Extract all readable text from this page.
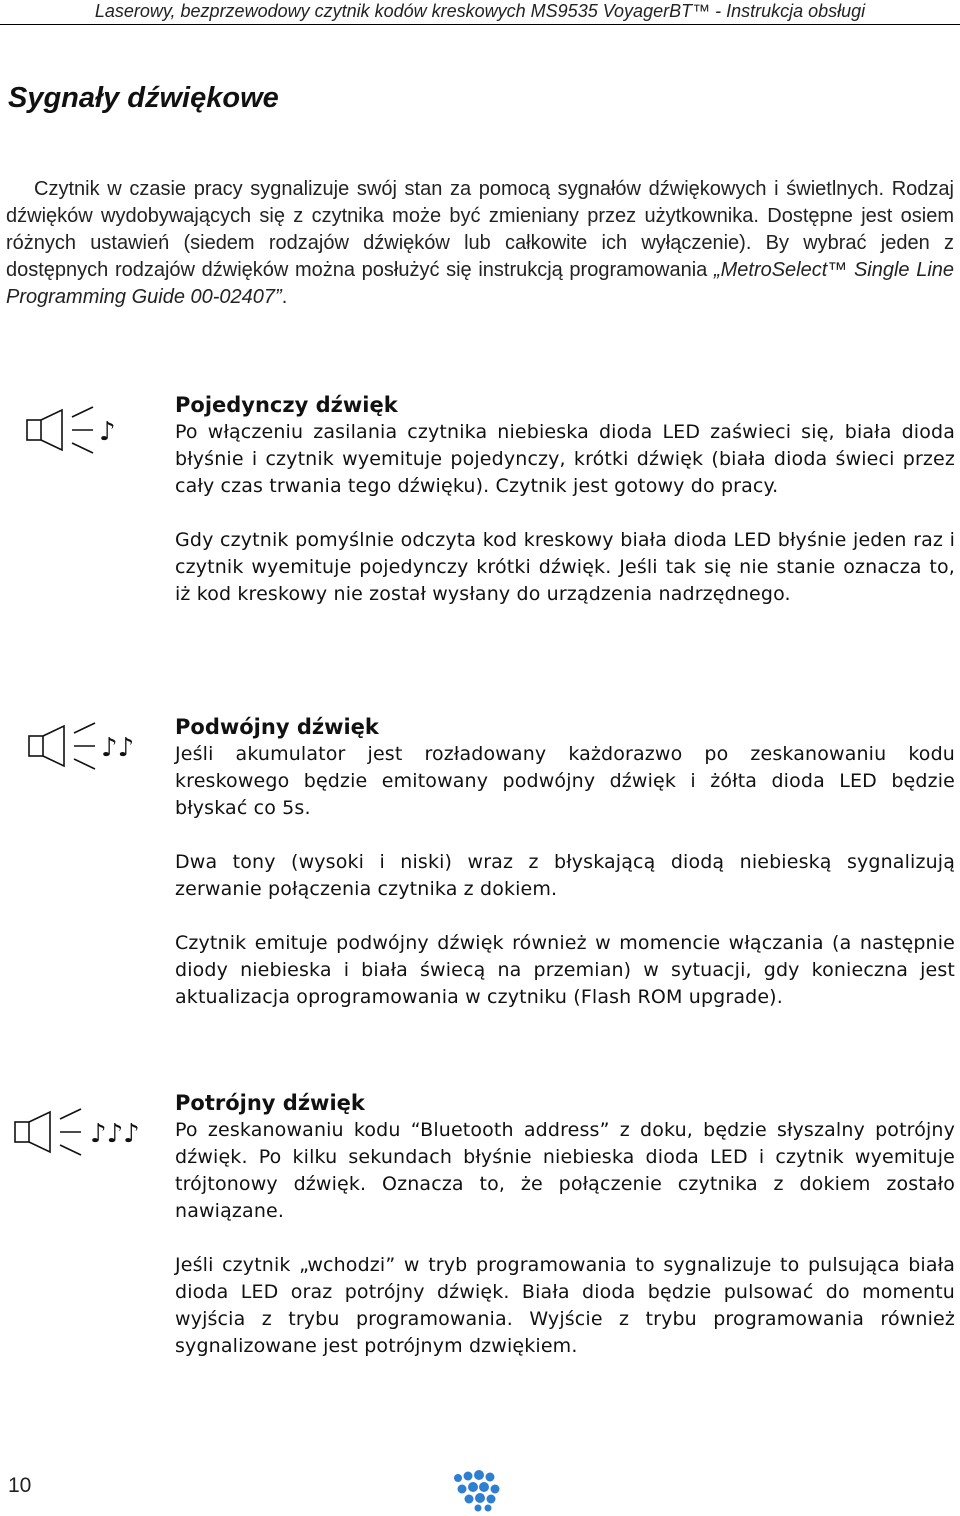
Laserowy, bezprzewodowy czytnik kodów kreskowych MS9535 VoyagerBT™ - Instrukcja obsługi
Sygnały dźwiękowe

Czytnik w czasie pracy sygnalizuje swój stan za pomocą sygnałów dźwiękowych i świetlnych. Rodzaj dźwięków wydobywających się z czytnika może być zmieniany przez użytkownika. Dostępne jest osiem różnych ustawień (siedem rodzajów dźwięków lub całkowite ich wyłączenie). By wybrać jeden z dostępnych rodzajów dźwięków można posłużyć się instrukcją programowania „MetroSelect™ Single Line Programming Guide 00-02407”.

♪
Pojedynczy dźwięk

Po włączeniu zasilania czytnika niebieska dioda LED zaświeci się, biała dioda błyśnie i czytnik wyemituje pojedynczy, krótki dźwięk (biała dioda świeci przez cały czas trwania tego dźwięku). Czytnik jest gotowy do pracy.

Gdy czytnik pomyślnie odczyta kod kreskowy biała dioda LED błyśnie jeden raz i czytnik wyemituje pojedynczy krótki dźwięk. Jeśli tak się nie stanie oznacza to, iż kod kreskowy nie został wysłany do urządzenia nadrzędnego.

♪♪
Podwójny dźwięk

Jeśli akumulator jest rozładowany każdorazwo po zeskanowaniu kodu kreskowego będzie emitowany podwójny dźwięk i żółta dioda LED będzie błyskać co 5s.

Dwa tony (wysoki i niski) wraz z błyskającą diodą niebieską sygnalizują zerwanie połączenia czytnika z dokiem.

Czytnik emituje podwójny dźwięk również w momencie włączania (a następnie diody niebieska i biała świecą na przemian) w sytuacji, gdy konieczna jest aktualizacja oprogramowania w czytniku (Flash ROM upgrade).

♪♪♪
Potrójny dźwięk

Po zeskanowaniu kodu “Bluetooth address” z doku, będzie słyszalny potrójny dźwięk. Po kilku sekundach błyśnie niebieska dioda LED i czytnik wyemituje trójtonowy dźwięk. Oznacza to, że połączenie czytnika z dokiem zostało nawiązane.

Jeśli czytnik „wchodzi” w tryb programowania to sygnalizuje to pulsująca biała dioda LED oraz potrójny dźwięk. Biała dioda będzie pulsować do momentu wyjścia z trybu programowania. Wyjście z trybu programowania również sygnalizowane jest potrójnym dzwiękiem.

10
